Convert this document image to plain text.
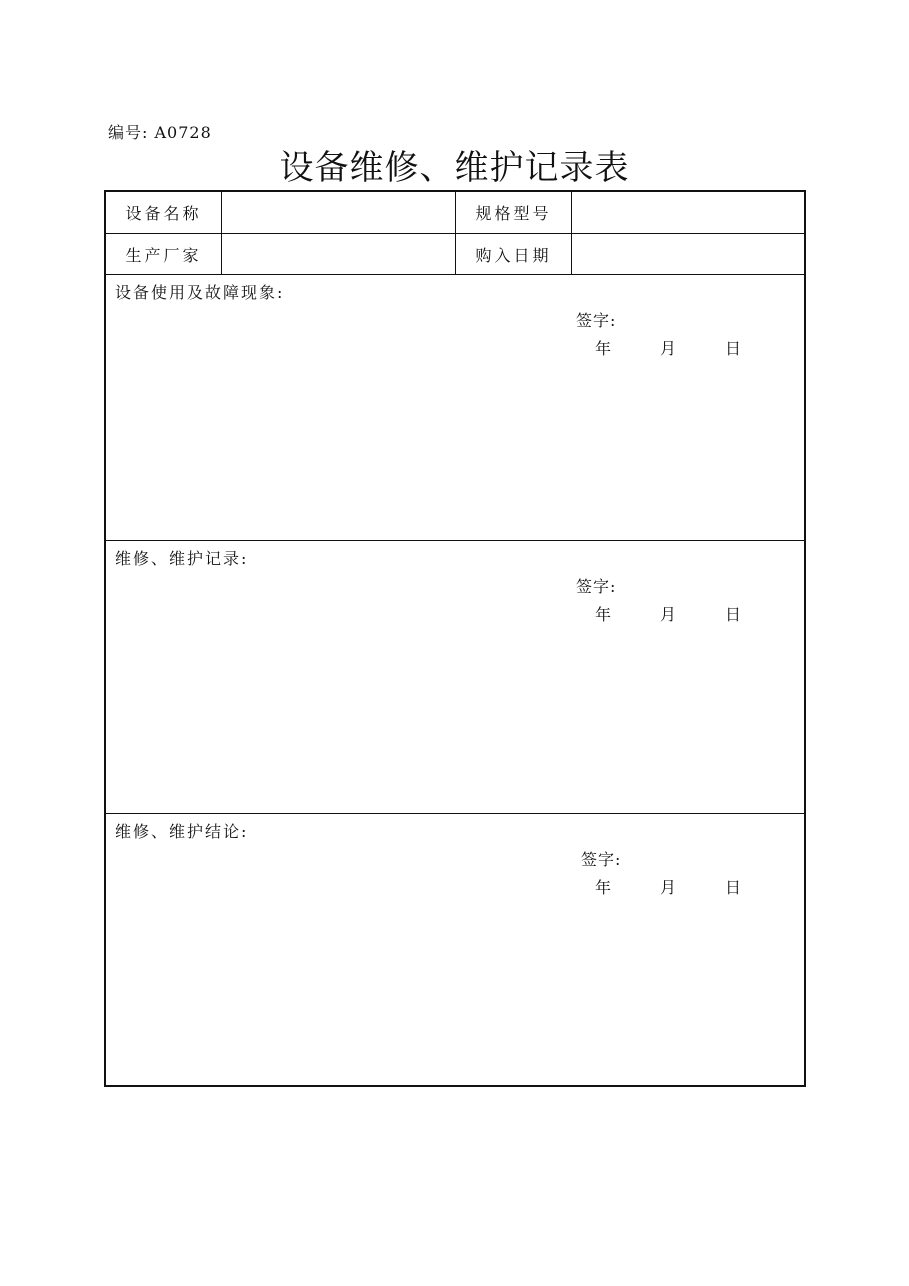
编号: A0728
设备维修、维护记录表
设备名称	规格型号
生产厂家	购入日期
设备使用及故障现象:
签字:
年	月	日
维修、维护记录:
签字:
年	月	日
维修、维护结论:
签字:
年	月	日
